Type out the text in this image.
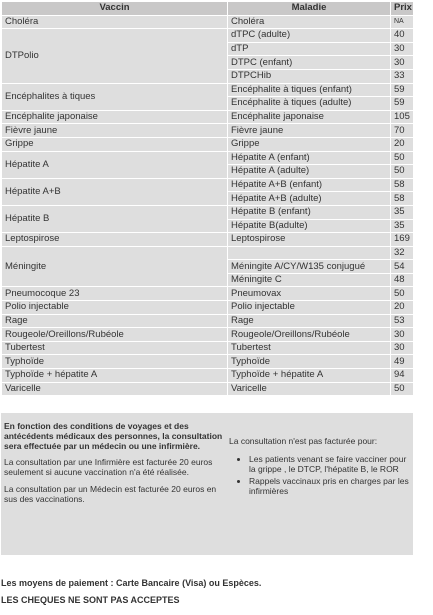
Vaccin	Maladie	Prix
Choléra	Choléra	NA
DTPolio	dTPC (adulte)	40
	dTP	30
	DTPC (enfant)	30
	DTPCHib	33
Encéphalites à tiques	Encéphalite à tiques (enfant)	59
	Encéphalite à tiques (adulte)	59
Encéphalite japonaise	Encéphalite japonaise	105
Fièvre jaune	Fièvre jaune	70
Grippe	Grippe	20
Hépatite A	Hépatite A (enfant)	50
	Hépatite A (adulte)	50
Hépatite A+B	Hépatite A+B (enfant)	58
	Hépatite A+B (adulte)	58
Hépatite B	Hépatite B (enfant)	35
	Hépatite B(adulte)	35
Leptospirose	Leptospirose	169
Méningite		32
	Méningite A/CY/W135 conjugué	54
	Méningite C	48
Pneumocoque 23	Pneumovax	50
Polio injectable	Polio injectable	20
Rage	Rage	53
Rougeole/Oreillons/Rubéole	Rougeole/Oreillons/Rubéole	30
Tubertest	Tubertest	30
Typhoïde	Typhoïde	49
Typhoïde + hépatite A	Typhoïde + hépatite A	94
Varicelle	Varicelle	50

En fonction des conditions de voyages et des antécédents médicaux des personnes, la consultation sera effectuée par un médecin ou une infirmière.

La consultation par une Infirmière est facturée 20 euros seulement si aucune vaccination n'a été réalisée.

La consultation par un Médecin est facturée 20 euros en sus des vaccinations.

La consultation n'est pas facturée pour:

• Les patients venant se faire vacciner pour la grippe , le DTCP, l'hépatite B, le ROR
• Rappels vaccinaux pris en charges par les infirmières
Les moyens de paiement : Carte Bancaire (Visa) ou Espèces.
LES CHEQUES NE SONT PAS ACCEPTES
